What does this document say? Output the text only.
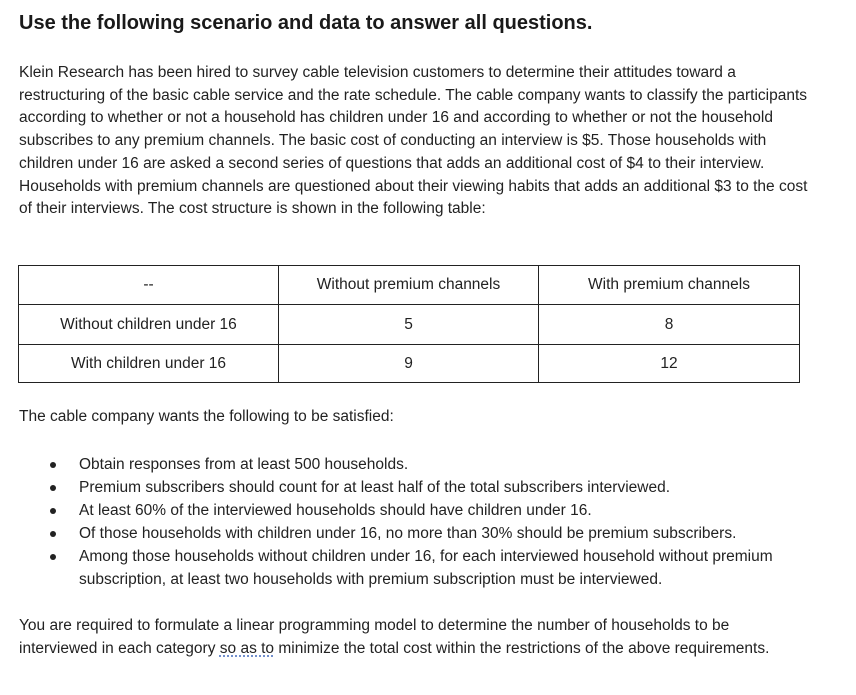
Use the following scenario and data to answer all questions.

Klein Research has been hired to survey cable television customers to determine their attitudes toward a restructuring of the basic cable service and the rate schedule. The cable company wants to classify the participants according to whether or not a household has children under 16 and according to whether or not the household subscribes to any premium channels. The basic cost of conducting an interview is $5. Those households with children under 16 are asked a second series of questions that adds an additional cost of $4 to their interview. Households with premium channels are questioned about their viewing habits that adds an additional $3 to the cost of their interviews. The cost structure is shown in the following table:

--	Without premium channels	With premium channels
Without children under 16	5	8
With children under 16	9	12

The cable company wants the following to be satisfied:

Obtain responses from at least 500 households.
Premium subscribers should count for at least half of the total subscribers interviewed.
At least 60% of the interviewed households should have children under 16.
Of those households with children under 16, no more than 30% should be premium subscribers.
Among those households without children under 16, for each interviewed household without premium subscription, at least two households with premium subscription must be interviewed.

You are required to formulate a linear programming model to determine the number of households to be interviewed in each category so as to minimize the total cost within the restrictions of the above requirements.
